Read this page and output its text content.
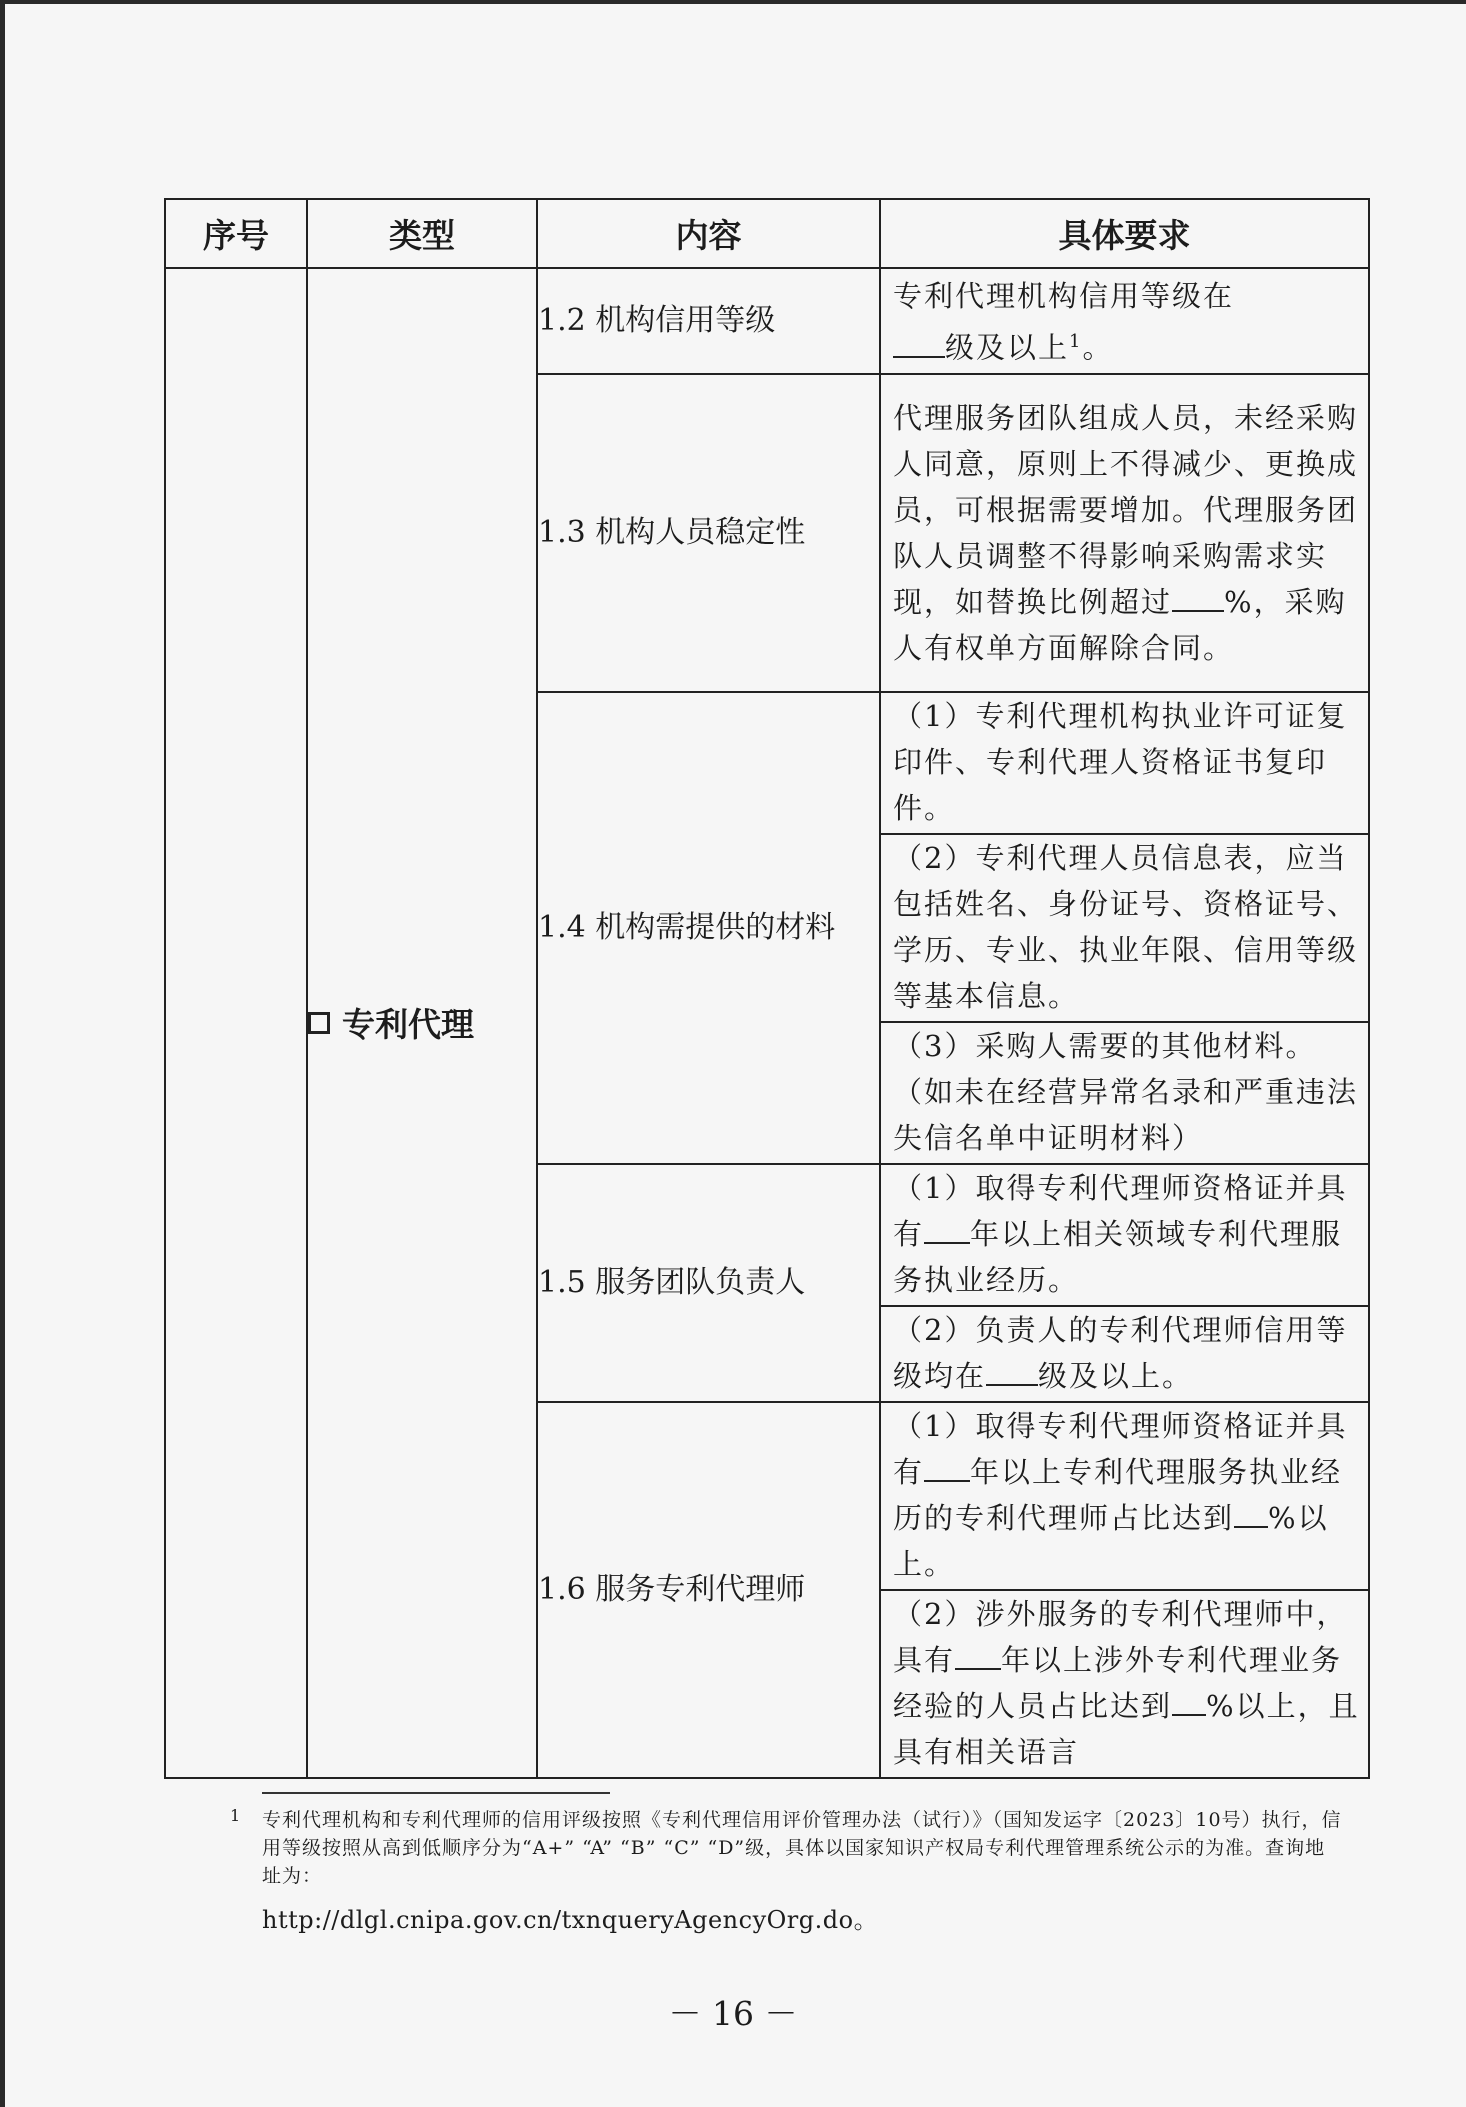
序号	类型	内容	具体要求

	专利代理	1.2 机构信用等级	专利代理机构信用等级在
级及以上$^1$。

		1.3 机构人员稳定性	代理服务团队组成人员，未经采购人同意，原则上不得减少、更换成员，可根据需要增加。代理服务团队人员调整不得影响采购需求实现，如替换比例超过 %，采购人有权单方面解除合同。

		1.4 机构需提供的材料	（1）专利代理机构执业许可证复印件、专利代理人资格证书复印件。
（2）专利代理人员信息表，应当包括姓名、身份证号、资格证号、学历、专业、执业年限、信用等级等基本信息。
（3）采购人需要的其他材料。（如未在经营异常名录和严重违法失信名单中证明材料）

		1.5 服务团队负责人	（1）取得专利代理师资格证并具有 年以上相关领域专利代理服务执业经历。
（2）负责人的专利代理师信用等级均在 级及以上。

		1.6 服务专利代理师	（1）取得专利代理师资格证并具有 年以上专利代理服务执业经历的专利代理师占比达到 %以上。
（2）涉外服务的专利代理师中，具有 年以上涉外专利代理业务经验的人员占比达到 %以上，且具有相关语言
1 专利代理机构和专利代理师的信用评级按照《专利代理信用评价管理办法（试行）》（国知发运字〔2023〕10号）执行，信用等级按照从高到低顺序分为“A+” “A” “B” “C” “D”级，具体以国家知识产权局专利代理管理系统公示的为准。查询地址为：
http://dlgl.cnipa.gov.cn/txnqueryAgencyOrg.do。
－ 16 －
